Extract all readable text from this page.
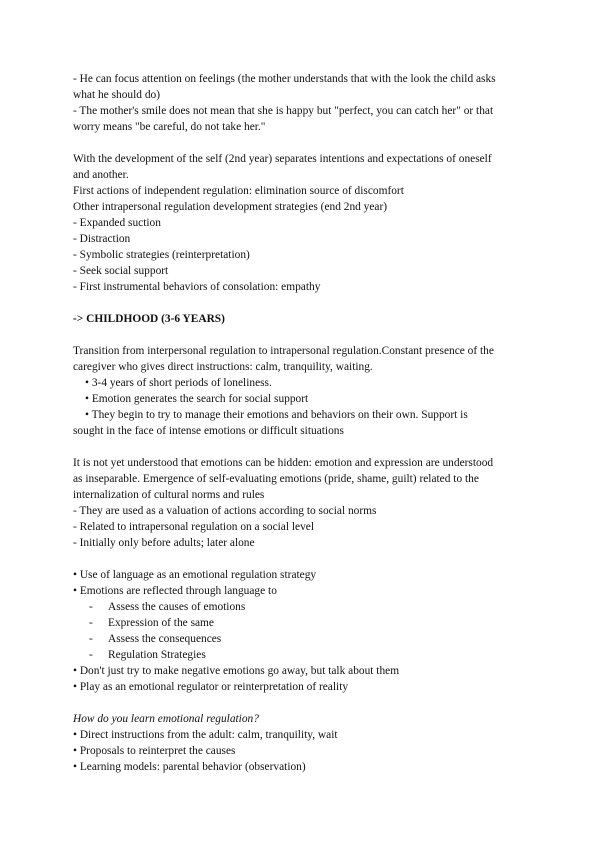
- He can focus attention on feelings (the mother understands that with the look the child asks
what he should do)
- The mother's smile does not mean that she is happy but "perfect, you can catch her" or that
worry means "be careful, do not take her."
With the development of the self (2nd year) separates intentions and expectations of oneself
and another.
First actions of independent regulation: elimination source of discomfort
Other intrapersonal regulation development strategies (end 2nd year)
- Expanded suction
- Distraction
- Symbolic strategies (reinterpretation)
- Seek social support
- First instrumental behaviors of consolation: empathy
-> CHILDHOOD (3-6 YEARS)
Transition from interpersonal regulation to intrapersonal regulation.Constant presence of the
caregiver who gives direct instructions: calm, tranquility, waiting.
• 3-4 years of short periods of loneliness.
• Emotion generates the search for social support
• They begin to try to manage their emotions and behaviors on their own. Support is
sought in the face of intense emotions or difficult situations
It is not yet understood that emotions can be hidden: emotion and expression are understood
as inseparable. Emergence of self-evaluating emotions (pride, shame, guilt) related to the
internalization of cultural norms and rules
- They are used as a valuation of actions according to social norms
- Related to intrapersonal regulation on a social level
- Initially only before adults; later alone
• Use of language as an emotional regulation strategy
• Emotions are reflected through language to
- Assess the causes of emotions
- Expression of the same
- Assess the consequences
- Regulation Strategies
• Don't just try to make negative emotions go away, but talk about them
• Play as an emotional regulator or reinterpretation of reality
How do you learn emotional regulation?
• Direct instructions from the adult: calm, tranquility, wait
• Proposals to reinterpret the causes
• Learning models: parental behavior (observation)
